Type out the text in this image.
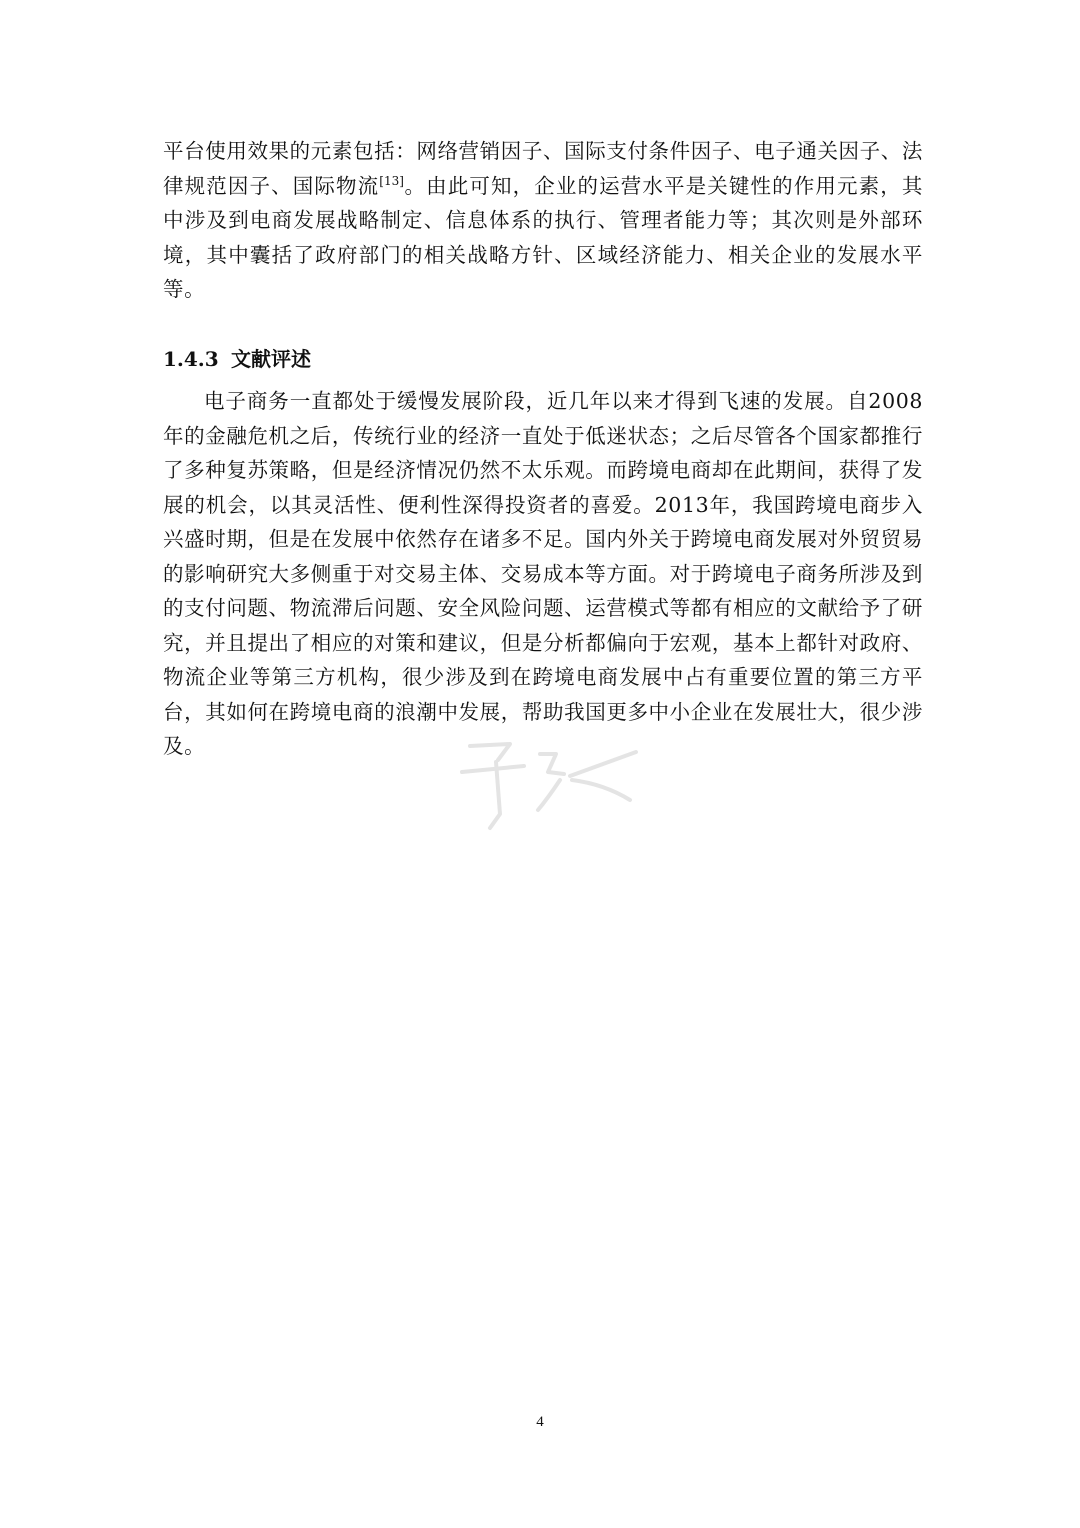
平台使用效果的元素包括：网络营销因子、国际支付条件因子、电子通关因子、法律规范因子、国际物流[13]。由此可知，企业的运营水平是关键性的作用元素，其中涉及到电商发展战略制定、信息体系的执行、管理者能力等；其次则是外部环境，其中囊括了政府部门的相关战略方针、区域经济能力、相关企业的发展水平等。

1.4.3 文献评述

电子商务一直都处于缓慢发展阶段，近几年以来才得到飞速的发展。自2008年的金融危机之后，传统行业的经济一直处于低迷状态；之后尽管各个国家都推行了多种复苏策略，但是经济情况仍然不太乐观。而跨境电商却在此期间，获得了发展的机会，以其灵活性、便利性深得投资者的喜爱。2013年，我国跨境电商步入兴盛时期，但是在发展中依然存在诸多不足。国内外关于跨境电商发展对外贸贸易的影响研究大多侧重于对交易主体、交易成本等方面。对于跨境电子商务所涉及到的支付问题、物流滞后问题、安全风险问题、运营模式等都有相应的文献给予了研究，并且提出了相应的对策和建议，但是分析都偏向于宏观，基本上都针对政府、物流企业等第三方机构，很少涉及到在跨境电商发展中占有重要位置的第三方平台，其如何在跨境电商的浪潮中发展，帮助我国更多中小企业在发展壮大，很少涉及。

4
